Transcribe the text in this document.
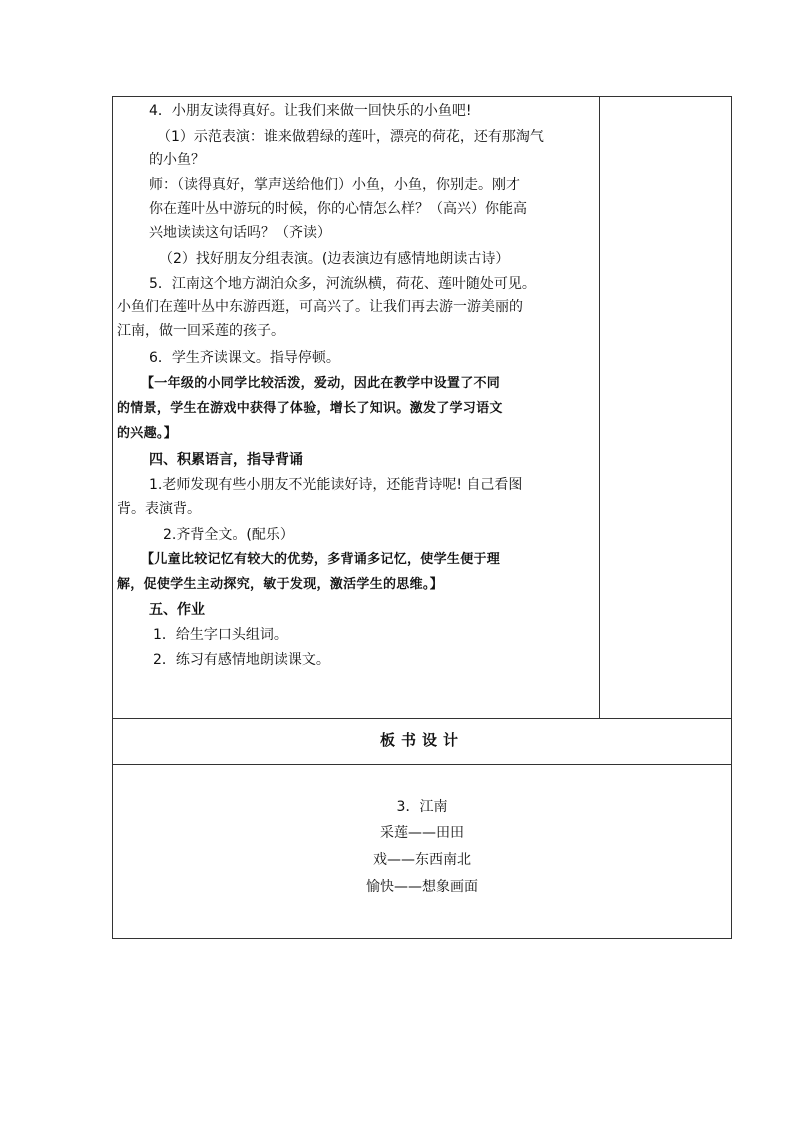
4．小朋友读得真好。让我们来做一回快乐的小鱼吧!
（1）示范表演：谁来做碧绿的莲叶，漂亮的荷花，还有那淘气
的小鱼？
师：（读得真好，掌声送给他们）小鱼，小鱼，你别走。刚才
你在莲叶丛中游玩的时候，你的心情怎么样？（高兴）你能高
兴地读读这句话吗？（齐读）
（2）找好朋友分组表演。(边表演边有感情地朗读古诗）
5．江南这个地方湖泊众多，河流纵横，荷花、莲叶随处可见。
小鱼们在莲叶丛中东游西逛，可高兴了。让我们再去游一游美丽的
江南，做一回采莲的孩子。
6．学生齐读课文。指导停顿。
【一年级的小同学比较活泼，爱动，因此在教学中设置了不同
的情景，学生在游戏中获得了体验，增长了知识。激发了学习语文
的兴趣。】
四、积累语言，指导背诵
1.老师发现有些小朋友不光能读好诗，还能背诗呢! 自己看图
背。表演背。
2.齐背全文。(配乐）
【儿童比较记忆有较大的优势，多背诵多记忆，使学生便于理
解，促使学生主动探究，敏于发现，激活学生的思维。】
五、作业
1．给生字口头组词。
2．练习有感情地朗读课文。
板书设计
3．江南
采莲——田田
戏——东西南北
愉快——想象画面
